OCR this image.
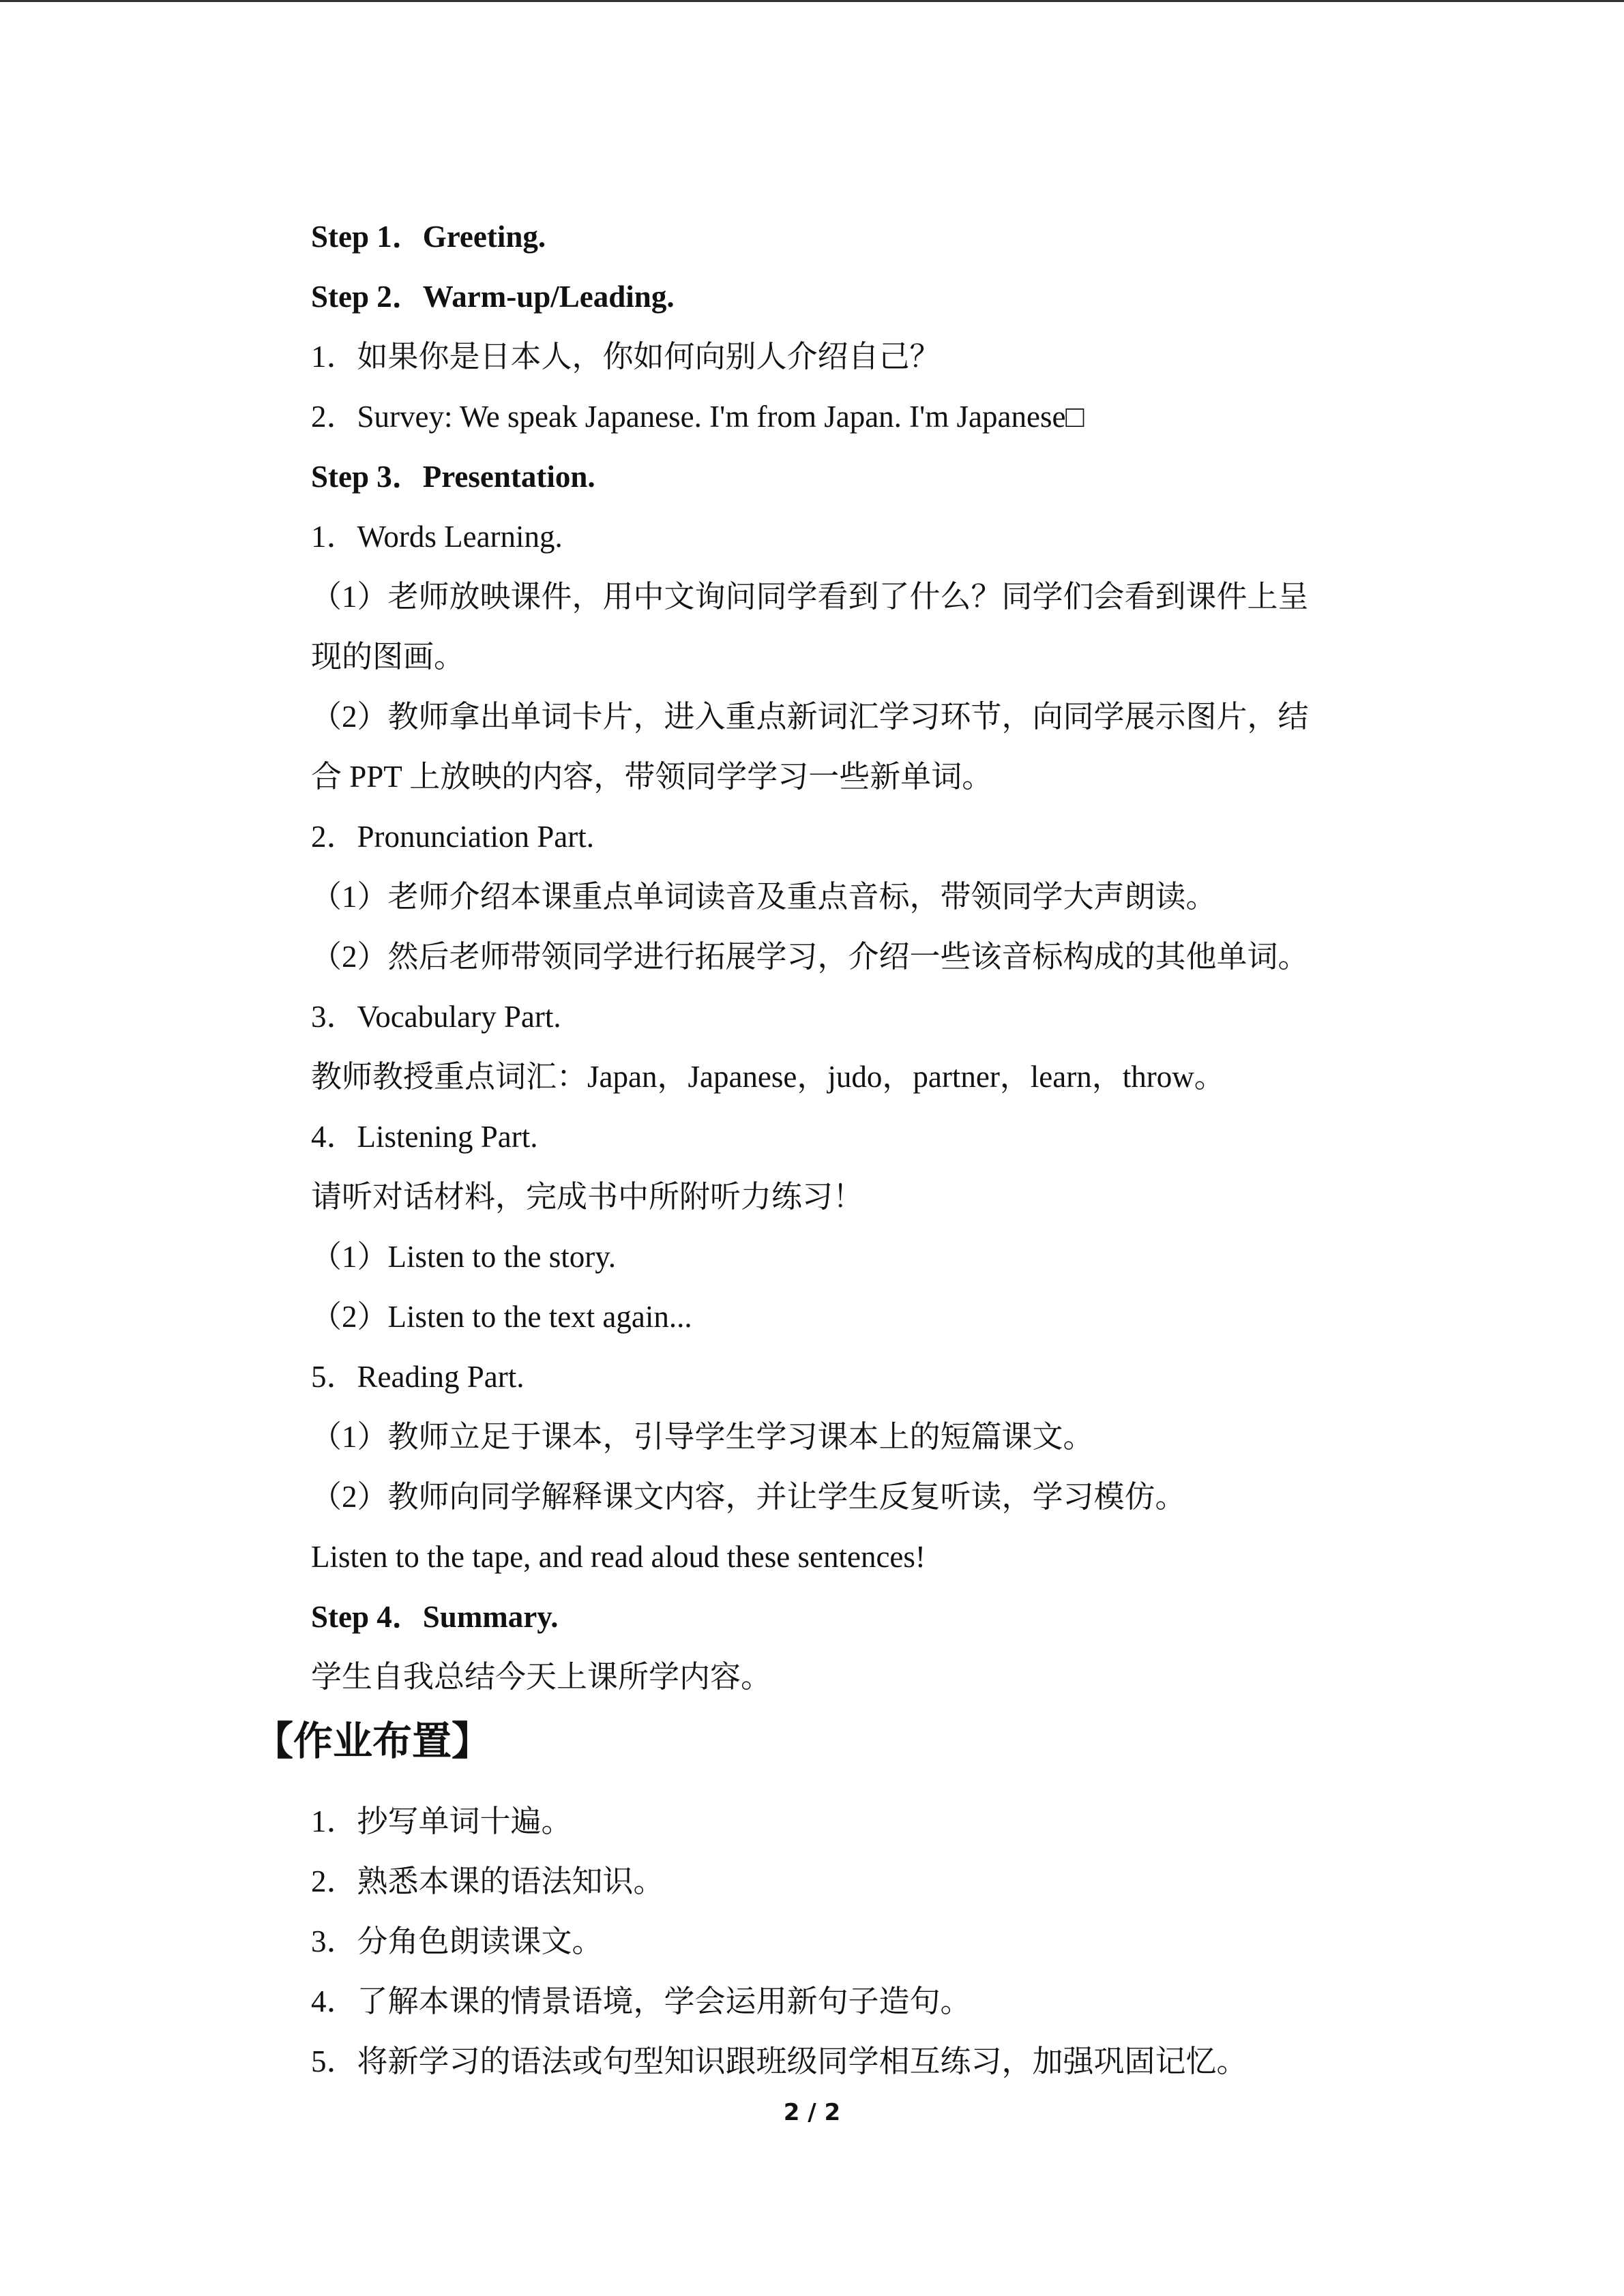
Step 1．Greeting.
Step 2．Warm-up/Leading.
1．如果你是日本人，你如何向别人介绍自己？
2．Survey: We speak Japanese. I'm from Japan. I'm Japanese□
Step 3．Presentation.
1．Words Learning.
（1）老师放映课件，用中文询问同学看到了什么？同学们会看到课件上呈
现的图画。
（2）教师拿出单词卡片，进入重点新词汇学习环节，向同学展示图片，结
合 PPT 上放映的内容，带领同学学习一些新单词。
2．Pronunciation Part.
（1）老师介绍本课重点单词读音及重点音标，带领同学大声朗读。
（2）然后老师带领同学进行拓展学习，介绍一些该音标构成的其他单词。
3．Vocabulary Part.
教师教授重点词汇：Japan，Japanese，judo，partner，learn，throw。
4．Listening Part.
请听对话材料，完成书中所附听力练习！
（1）Listen to the story.
（2）Listen to the text again...
5．Reading Part.
（1）教师立足于课本，引导学生学习课本上的短篇课文。
（2）教师向同学解释课文内容，并让学生反复听读，学习模仿。
Listen to the tape, and read aloud these sentences!
Step 4．Summary.
学生自我总结今天上课所学内容。
【作业布置】
1．抄写单词十遍。
2．熟悉本课的语法知识。
3．分角色朗读课文。
4．了解本课的情景语境，学会运用新句子造句。
5．将新学习的语法或句型知识跟班级同学相互练习，加强巩固记忆。
2 / 2
